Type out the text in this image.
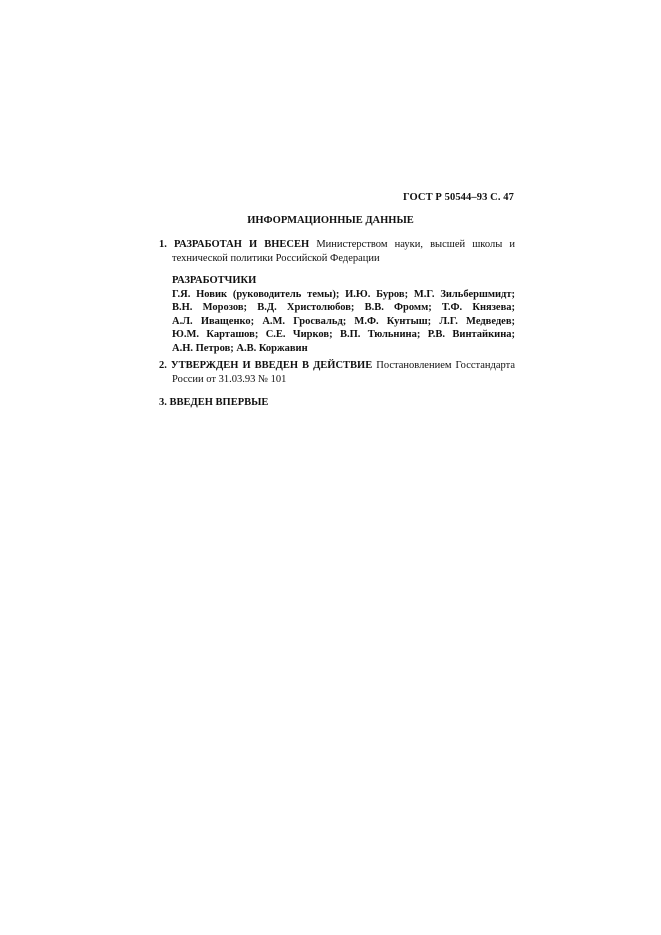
ГОСТ Р 50544–93 С. 47
ИНФОРМАЦИОННЫЕ ДАННЫЕ
1. РАЗРАБОТАН И ВНЕСЕН Министерством науки, высшей школы и
технической политики Российской Федерации
РАЗРАБОТЧИКИ
Г.Я. Новик (руководитель темы); И.Ю. Буров; М.Г. Зильбершмидт;
В.Н. Морозов; В.Д. Христолюбов; В.В. Фромм; Т.Ф. Князева;
А.Л. Иващенко; А.М. Гросвальд; М.Ф. Кунтыш; Л.Г. Медведев;
Ю.М. Карташов; С.Е. Чирков; В.П. Тюльнина; Р.В. Винтайкина;
А.Н. Петров; А.В. Коржавин
2. УТВЕРЖДЕН И ВВЕДЕН В ДЕЙСТВИЕ Постановлением Госстандарта
России от 31.03.93 № 101
3. ВВЕДЕН ВПЕРВЫЕ
